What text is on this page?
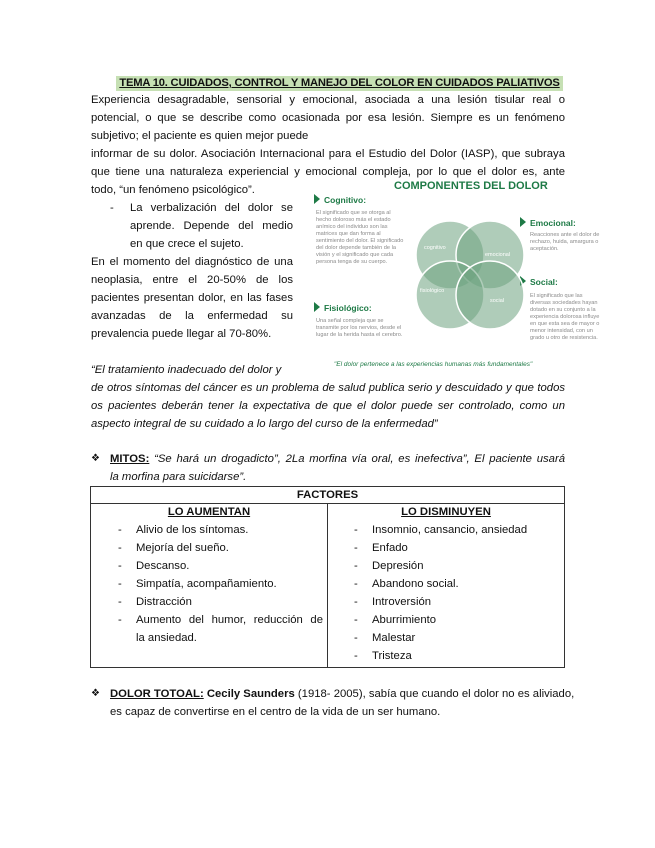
TEMA 10. CUIDADOS, CONTROL Y MANEJO DEL COLOR EN CUIDADOS PALIATIVOS
Experiencia desagradable, sensorial y emocional, asociada a una lesión tisular real o
potencial, o que se describe como ocasionada por esa lesión. Siempre es un fenómeno
subjetivo; el paciente es quien mejor puede
informar de su dolor. Asociación Internacional para el Estudio del Dolor (IASP), que subraya
que tiene una naturaleza experiencial y emocional compleja, por lo que el dolor es, ante
todo, “un fenómeno psicológico”.
- La verbalización del dolor se
aprende. Depende del medio
en que crece el sujeto.
En el momento del diagnóstico de una
neoplasia, entre el 20-50% de los
pacientes presentan dolor, en las fases
avanzadas de la enfermedad su
prevalencia puede llegar al 70-80%.
COMPONENTES DEL DOLOR
Cognitivo:
El significado que se otorga al hecho doloroso más el estado anímico del individuo son las matrices que dan forma al sentimiento del dolor. El significado del dolor depende también de la visión y el significado que cada persona tenga de su cuerpo.
Emocional:
Reacciones ante el dolor de rechazo, huida, amargura o aceptación.
Social:
El significado que las diversas sociedades hayan dotado en su conjunto a la experiencia dolorosa influye en que esta sea de mayor o menor intensidad, con un grado u otro de resistencia.
Fisiológico:
Una señal compleja que se transmite por los nervios, desde el lugar de la herida hasta el cerebro.
cognitivo
emocional
fisiológico
social
"El dolor pertenece a las experiencias humanas más fundamentales"
“El tratamiento inadecuado del dolor y
de otros síntomas del cáncer es un problema de salud publica serio y descuidado y que todos
os pacientes deberán tener la expectativa de que el dolor puede ser controlado, como un
aspecto integral de su cuidado a lo largo del curso de la enfermedad”
❖ MITOS: “Se hará un drogadicto”, 2La morfina vía oral, es inefectiva”, El paciente usará
la morfina para suicidarse”.
FACTORES

LO AUMENTAN
- Alivio de los síntomas.
- Mejoría del sueño.
- Descanso.
- Simpatía, acompañamiento.
- Distracción
- Aumento del humor, reducción de
la ansiedad.

LO DISMINUYEN
- Insomnio, cansancio, ansiedad
- Enfado
- Depresión
- Abandono social.
- Introversión
- Aburrimiento
- Malestar
- Tristeza
❖ DOLOR TOTOAL: Cecily Saunders (1918- 2005), sabía que cuando el dolor no es aliviado,
es capaz de convertirse en el centro de la vida de un ser humano.
